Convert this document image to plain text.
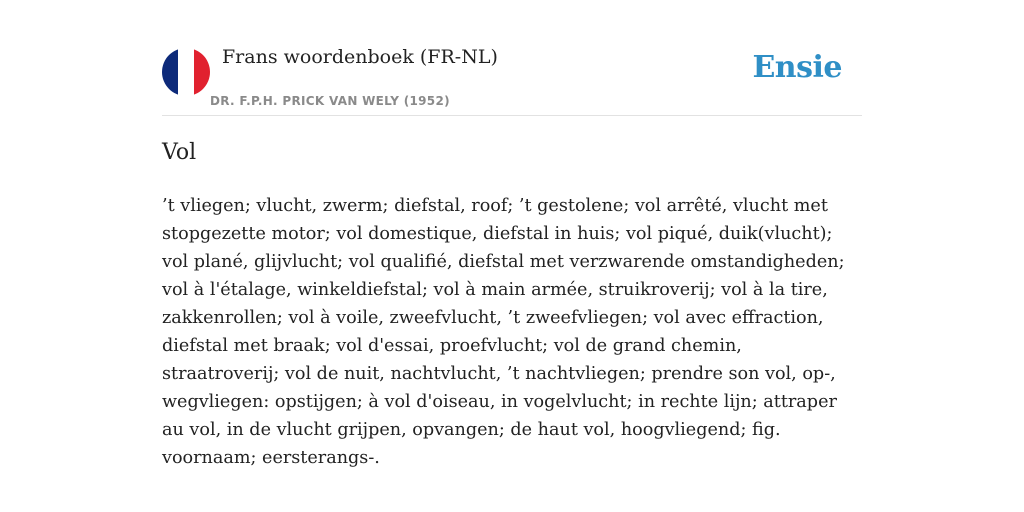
Frans woordenboek (FR-NL)
DR. F.P.H. PRICK VAN WELY (1952)
Ensie
Vol

’t vliegen; vlucht, zwerm; diefstal, roof; ’t gestolene; vol arrêté, vlucht met stopgezette motor; vol domestique, diefstal in huis; vol piqué, duik(vlucht); vol plané, glijvlucht; vol qualifié, diefstal met verzwarende omstandigheden; vol à l'étalage, winkeldiefstal; vol à main armée, struikroverij; vol à la tire, zakkenrollen; vol à voile, zweefvlucht, ’t zweefvliegen; vol avec effraction, diefstal met braak; vol d'essai, proefvlucht; vol de grand chemin, straatroverij; vol de nuit, nachtvlucht, ’t nachtvliegen; prendre son vol, op-, wegvliegen: opstijgen; à vol d'oiseau, in vogelvlucht; in rechte lijn; attraper au vol, in de vlucht grijpen, opvangen; de haut vol, hoogvliegend; fig. voornaam; eersterangs-.
